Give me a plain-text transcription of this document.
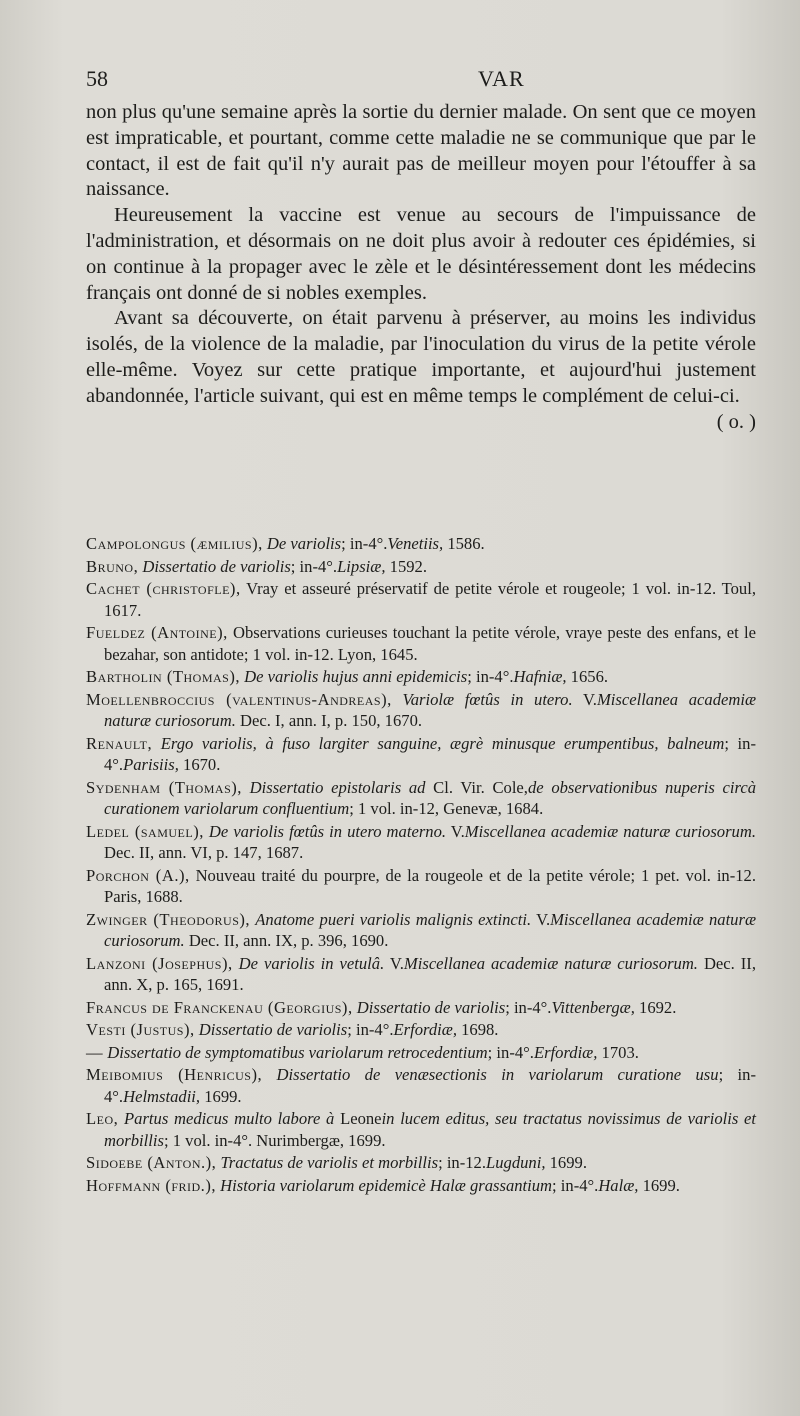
58	VAR

non plus qu'une semaine après la sortie du dernier malade. On sent que ce moyen est impraticable, et pourtant, comme cette maladie ne se communique que par le contact, il est de fait qu'il n'y aurait pas de meilleur moyen pour l'étouffer à sa naissance.

Heureusement la vaccine est venue au secours de l'impuissance de l'administration, et désormais on ne doit plus avoir à redouter ces épidémies, si on continue à la propager avec le zèle et le désintéressement dont les médecins français ont donné de si nobles exemples.

Avant sa découverte, on était parvenu à préserver, au moins les individus isolés, de la violence de la maladie, par l'inoculation du virus de la petite vérole elle-même. Voyez sur cette pratique importante, et aujourd'hui justement abandonnée, l'article suivant, qui est en même temps le complément de celui-ci.
( o. )

Campolongus (æmilius), De variolis; in-4°.Venetiis, 1586.

Bruno, Dissertatio de variolis; in-4°.Lipsiæ, 1592.

Cachet (christofle), Vray et asseuré préservatif de petite vérole et rougeole; 1 vol. in-12. Toul, 1617.

Fueldez (Antoine), Observations curieuses touchant la petite vérole, vraye peste des enfans, et le bezahar, son antidote; 1 vol. in-12. Lyon, 1645.

Bartholin (Thomas), De variolis hujus anni epidemicis; in-4°.Hafniæ, 1656.

Moellenbroccius (valentinus-Andreas), Variolæ fœtûs in utero. V.Miscellanea academiæ naturæ curiosorum. Dec. I, ann. I, p. 150, 1670.

Renault, Ergo variolis, à fuso largiter sanguine, ægrè minusque erumpentibus, balneum; in-4°.Parisiis, 1670.

Sydenham (Thomas), Dissertatio epistolaris ad Cl. Vir. Cole,de observationibus nuperis circà curationem variolarum confluentium; 1 vol. in-12, Genevæ, 1684.

Ledel (samuel), De variolis fœtûs in utero materno. V.Miscellanea academiæ naturæ curiosorum. Dec. II, ann. VI, p. 147, 1687.

Porchon (A.), Nouveau traité du pourpre, de la rougeole et de la petite vérole; 1 pet. vol. in-12. Paris, 1688.

Zwinger (Theodorus), Anatome pueri variolis malignis extincti. V.Miscellanea academiæ naturæ curiosorum. Dec. II, ann. IX, p. 396, 1690.

Lanzoni (Josephus), De variolis in vetulâ. V.Miscellanea academiæ naturæ curiosorum. Dec. II, ann. X, p. 165, 1691.

Francus de Franckenau (Georgius), Dissertatio de variolis; in-4°.Vittenbergæ, 1692.

Vesti (Justus), Dissertatio de variolis; in-4°.Erfordiæ, 1698.

— Dissertatio de symptomatibus variolarum retrocedentium; in-4°.Erfordiæ, 1703.

Meibomius (Henricus), Dissertatio de venæsectionis in variolarum curatione usu; in-4°.Helmstadii, 1699.

Leo, Partus medicus multo labore à Leonein lucem editus, seu tractatus novissimus de variolis et morbillis; 1 vol. in-4°. Nurimbergæ, 1699.

Sidoebe (Anton.), Tractatus de variolis et morbillis; in-12.Lugduni, 1699.

Hoffmann (frid.), Historia variolarum epidemicè Halæ grassantium; in-4°.Halæ, 1699.
